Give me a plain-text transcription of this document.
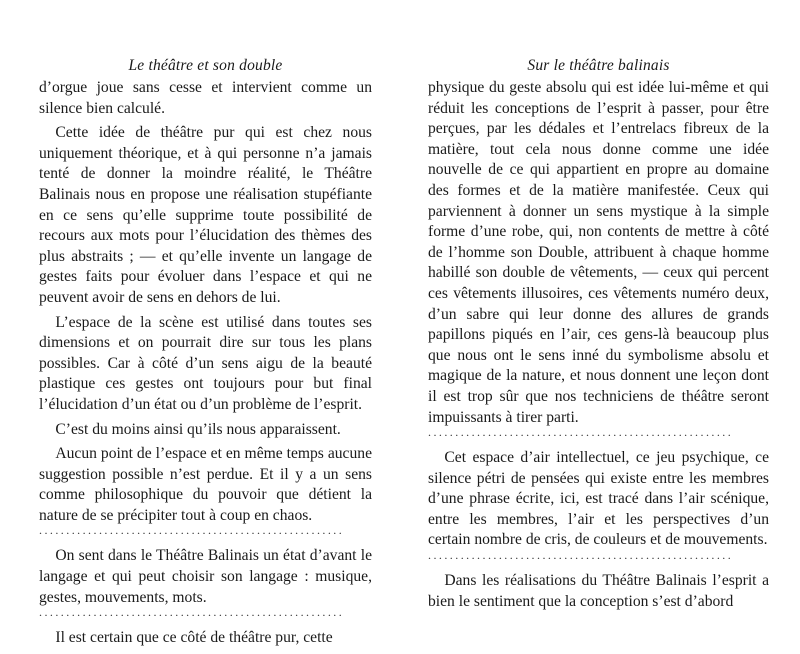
Le théâtre et son double

d’orgue joue sans cesse et intervient comme un silence bien calculé.

Cette idée de théâtre pur qui est chez nous uniquement théorique, et à qui personne n’a jamais tenté de donner la moindre réalité, le Théâtre Balinais nous en propose une réalisation stupéfiante en ce sens qu’elle supprime toute possibilité de recours aux mots pour l’élucidation des thèmes des plus abstraits ; — et qu’elle invente un langage de gestes faits pour évoluer dans l’espace et qui ne peuvent avoir de sens en dehors de lui.

L’espace de la scène est utilisé dans toutes ses dimensions et on pourrait dire sur tous les plans possibles. Car à côté d’un sens aigu de la beauté plastique ces gestes ont toujours pour but final l’élucidation d’un état ou d’un problème de l’esprit.

C’est du moins ainsi qu’ils nous apparaissent.

Aucun point de l’espace et en même temps aucune suggestion possible n’est perdue. Et il y a un sens comme philosophique du pouvoir que détient la nature de se précipiter tout à coup en chaos.

........................................................

On sent dans le Théâtre Balinais un état d’avant le langage et qui peut choisir son langage : musique, gestes, mouvements, mots.

........................................................

Il est certain que ce côté de théâtre pur, cette

Sur le théâtre balinais

physique du geste absolu qui est idée lui-même et qui réduit les conceptions de l’esprit à passer, pour être perçues, par les dédales et l’entrelacs fibreux de la matière, tout cela nous donne comme une idée nouvelle de ce qui appartient en propre au domaine des formes et de la matière manifestée. Ceux qui parviennent à donner un sens mystique à la simple forme d’une robe, qui, non contents de mettre à côté de l’homme son Double, attribuent à chaque homme habillé son double de vêtements, — ceux qui percent ces vêtements illusoires, ces vêtements numéro deux, d’un sabre qui leur donne des allures de grands papillons piqués en l’air, ces gens-là beaucoup plus que nous ont le sens inné du symbolisme absolu et magique de la nature, et nous donnent une leçon dont il est trop sûr que nos techniciens de théâtre seront impuissants à tirer parti.

........................................................

Cet espace d’air intellectuel, ce jeu psychique, ce silence pétri de pensées qui existe entre les membres d’une phrase écrite, ici, est tracé dans l’air scénique, entre les membres, l’air et les perspectives d’un certain nombre de cris, de couleurs et de mouvements.

........................................................

Dans les réalisations du Théâtre Balinais l’esprit a bien le sentiment que la conception s’est d’abord
